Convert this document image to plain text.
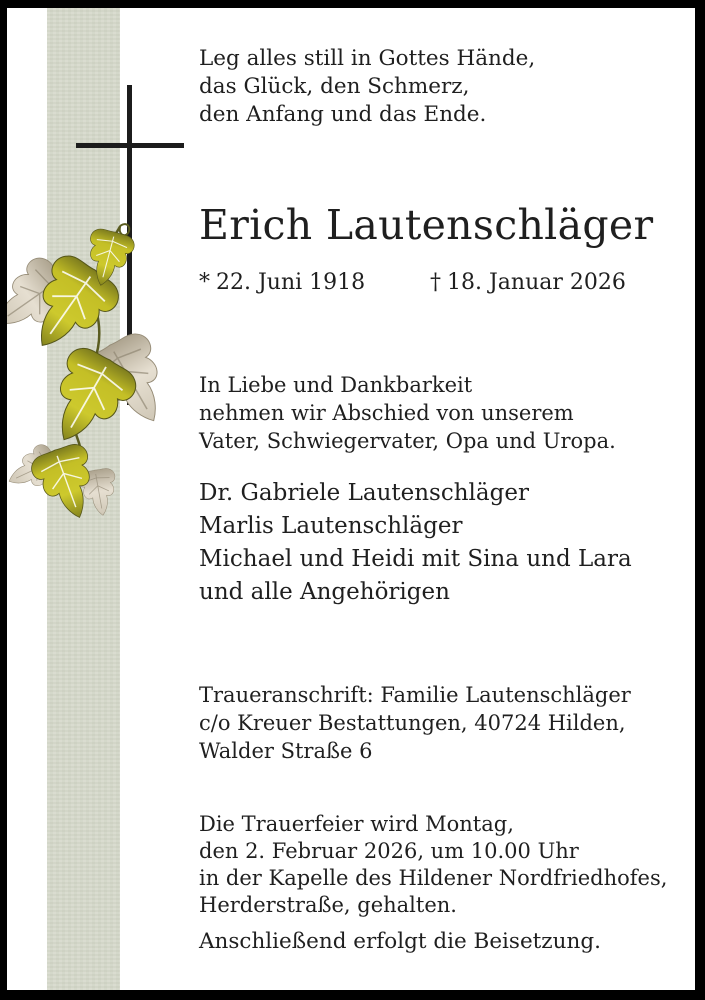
Leg alles still in Gottes Hände,
das Glück, den Schmerz,
den Anfang und das Ende.
Erich Lautenschläger
* 22. Juni 1918	† 18. Januar 2026
In Liebe und Dankbarkeit
nehmen wir Abschied von unserem
Vater, Schwiegervater, Opa und Uropa.
Dr. Gabriele Lautenschläger
Marlis Lautenschläger
Michael und Heidi mit Sina und Lara
und alle Angehörigen
Traueranschrift: Familie Lautenschläger
c/o Kreuer Bestattungen, 40724 Hilden,
Walder Straße 6
Die Trauerfeier wird Montag,
den 2. Februar 2026, um 10.00 Uhr
in der Kapelle des Hildener Nordfriedhofes,
Herderstraße, gehalten.
Anschließend erfolgt die Beisetzung.
